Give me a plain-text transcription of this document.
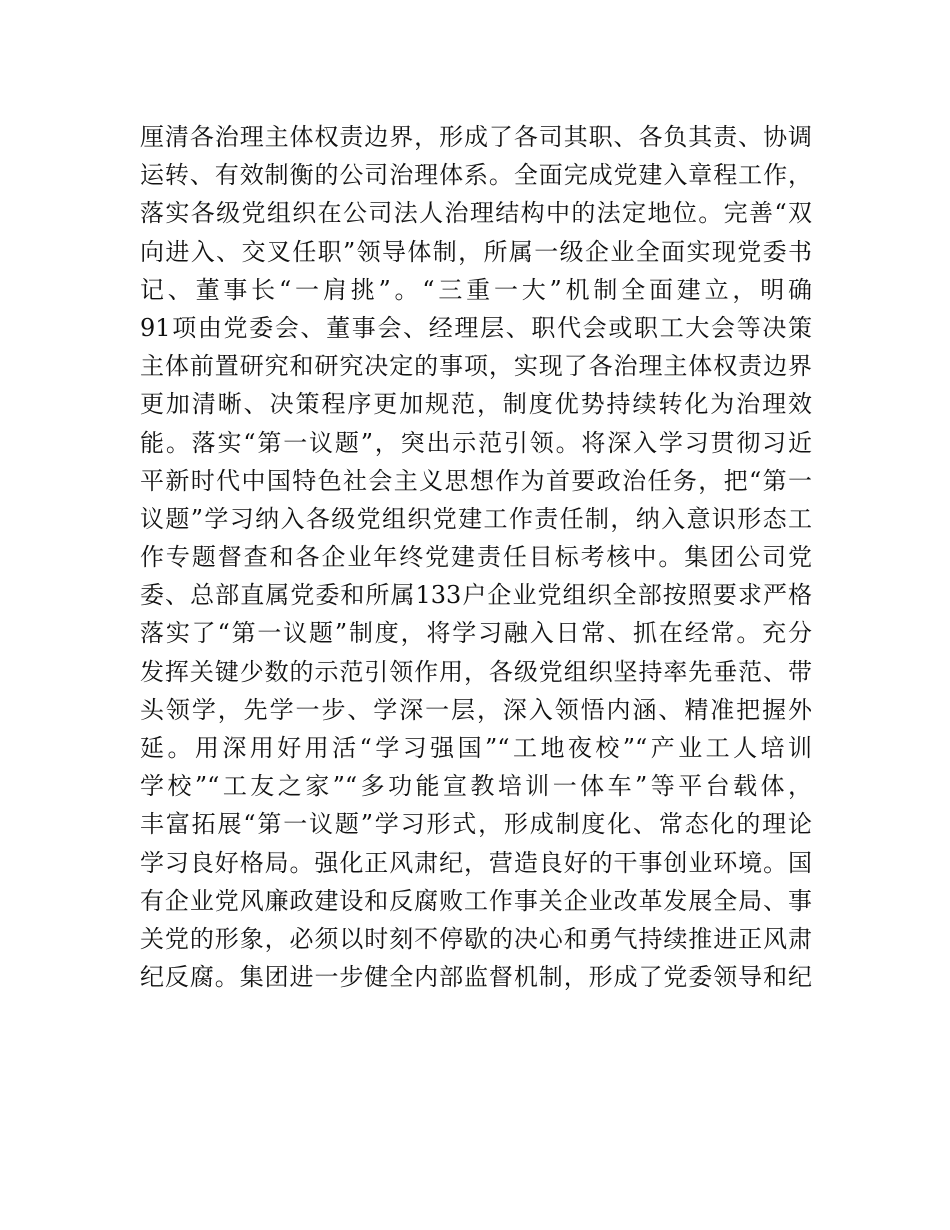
厘清各治理主体权责边界，形成了各司其职、各负其责、协调
运转、有效制衡的公司治理体系。全面完成党建入章程工作，
落实各级党组织在公司法人治理结构中的法定地位。完善“双
向进入、交叉任职”领导体制，所属一级企业全面实现党委书
记、董事长“一肩挑”。“三重一大”机制全面建立，明确
91项由党委会、董事会、经理层、职代会或职工大会等决策
主体前置研究和研究决定的事项，实现了各治理主体权责边界
更加清晰、决策程序更加规范，制度优势持续转化为治理效
能。落实“第一议题”，突出示范引领。将深入学习贯彻习近
平新时代中国特色社会主义思想作为首要政治任务，把“第一
议题”学习纳入各级党组织党建工作责任制，纳入意识形态工
作专题督查和各企业年终党建责任目标考核中。集团公司党
委、总部直属党委和所属133户企业党组织全部按照要求严格
落实了“第一议题”制度，将学习融入日常、抓在经常。充分
发挥关键少数的示范引领作用，各级党组织坚持率先垂范、带
头领学，先学一步、学深一层，深入领悟内涵、精准把握外
延。用深用好用活“学习强国”“工地夜校”“产业工人培训
学校”“工友之家”“多功能宣教培训一体车”等平台载体，
丰富拓展“第一议题”学习形式，形成制度化、常态化的理论
学习良好格局。强化正风肃纪，营造良好的干事创业环境。国
有企业党风廉政建设和反腐败工作事关企业改革发展全局、事
关党的形象，必须以时刻不停歇的决心和勇气持续推进正风肃
纪反腐。集团进一步健全内部监督机制，形成了党委领导和纪
